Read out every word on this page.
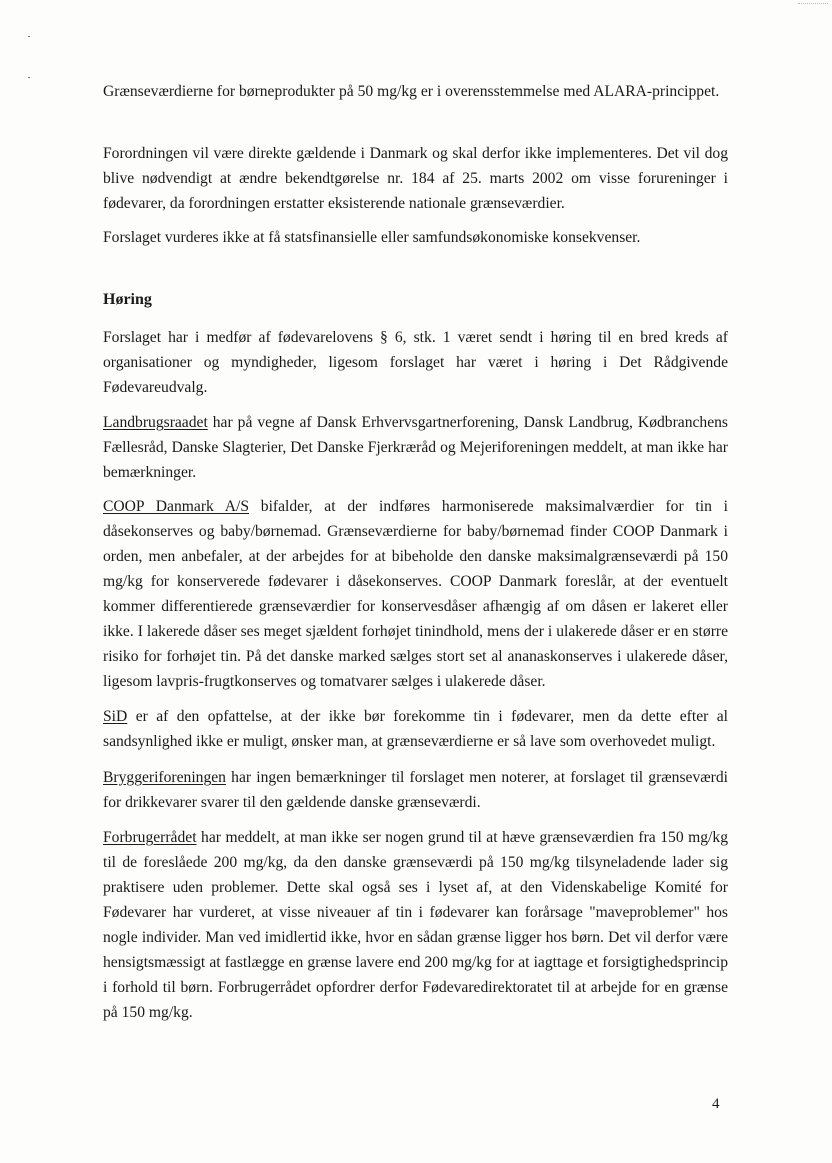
Grænseværdierne for børneprodukter på 50 mg/kg er i overensstemmelse med ALARA-princippet.

Forordningen vil være direkte gældende i Danmark og skal derfor ikke implementeres. Det vil dog blive nødvendigt at ændre bekendtgørelse nr. 184 af 25. marts 2002 om visse forureninger i fødevarer, da forordningen erstatter eksisterende nationale grænseværdier.

Forslaget vurderes ikke at få statsfinansielle eller samfundsøkonomiske konsekvenser.

Høring

Forslaget har i medfør af fødevarelovens § 6, stk. 1 været sendt i høring til en bred kreds af organisationer og myndigheder, ligesom forslaget har været i høring i Det Rådgivende Fødevareudvalg.

Landbrugsraadet har på vegne af Dansk Erhvervsgartnerforening, Dansk Landbrug, Kødbranchens Fællesråd, Danske Slagterier, Det Danske Fjerkræråd og Mejeriforeningen meddelt, at man ikke har bemærkninger.

COOP Danmark A/S bifalder, at der indføres harmoniserede maksimalværdier for tin i dåsekonserves og baby/børnemad. Grænseværdierne for baby/børnemad finder COOP Danmark i orden, men anbefaler, at der arbejdes for at bibeholde den danske maksimalgrænseværdi på 150 mg/kg for konserverede fødevarer i dåsekonserves. COOP Danmark foreslår, at der eventuelt kommer differentierede grænseværdier for konservesdåser afhængig af om dåsen er lakeret eller ikke. I lakerede dåser ses meget sjældent forhøjet tinindhold, mens der i ulakerede dåser er en større risiko for forhøjet tin. På det danske marked sælges stort set al ananaskonserves i ulakerede dåser, ligesom lavpris-frugtkonserves og tomatvarer sælges i ulakerede dåser.

SiD er af den opfattelse, at der ikke bør forekomme tin i fødevarer, men da dette efter al sandsynlighed ikke er muligt, ønsker man, at grænseværdierne er så lave som overhovedet muligt.

Bryggeriforeningen har ingen bemærkninger til forslaget men noterer, at forslaget til grænseværdi for drikkevarer svarer til den gældende danske grænseværdi.

Forbrugerrådet har meddelt, at man ikke ser nogen grund til at hæve grænseværdien fra 150 mg/kg til de foreslåede 200 mg/kg, da den danske grænseværdi på 150 mg/kg tilsyneladende lader sig praktisere uden problemer. Dette skal også ses i lyset af, at den Videnskabelige Komité for Fødevarer har vurderet, at visse niveauer af tin i fødevarer kan forårsage "maveproblemer" hos nogle individer. Man ved imidlertid ikke, hvor en sådan grænse ligger hos børn. Det vil derfor være hensigtsmæssigt at fastlægge en grænse lavere end 200 mg/kg for at iagttage et forsigtighedsprincip i forhold til børn. Forbrugerrådet opfordrer derfor Fødevaredirektoratet til at arbejde for en grænse på 150 mg/kg.

4
